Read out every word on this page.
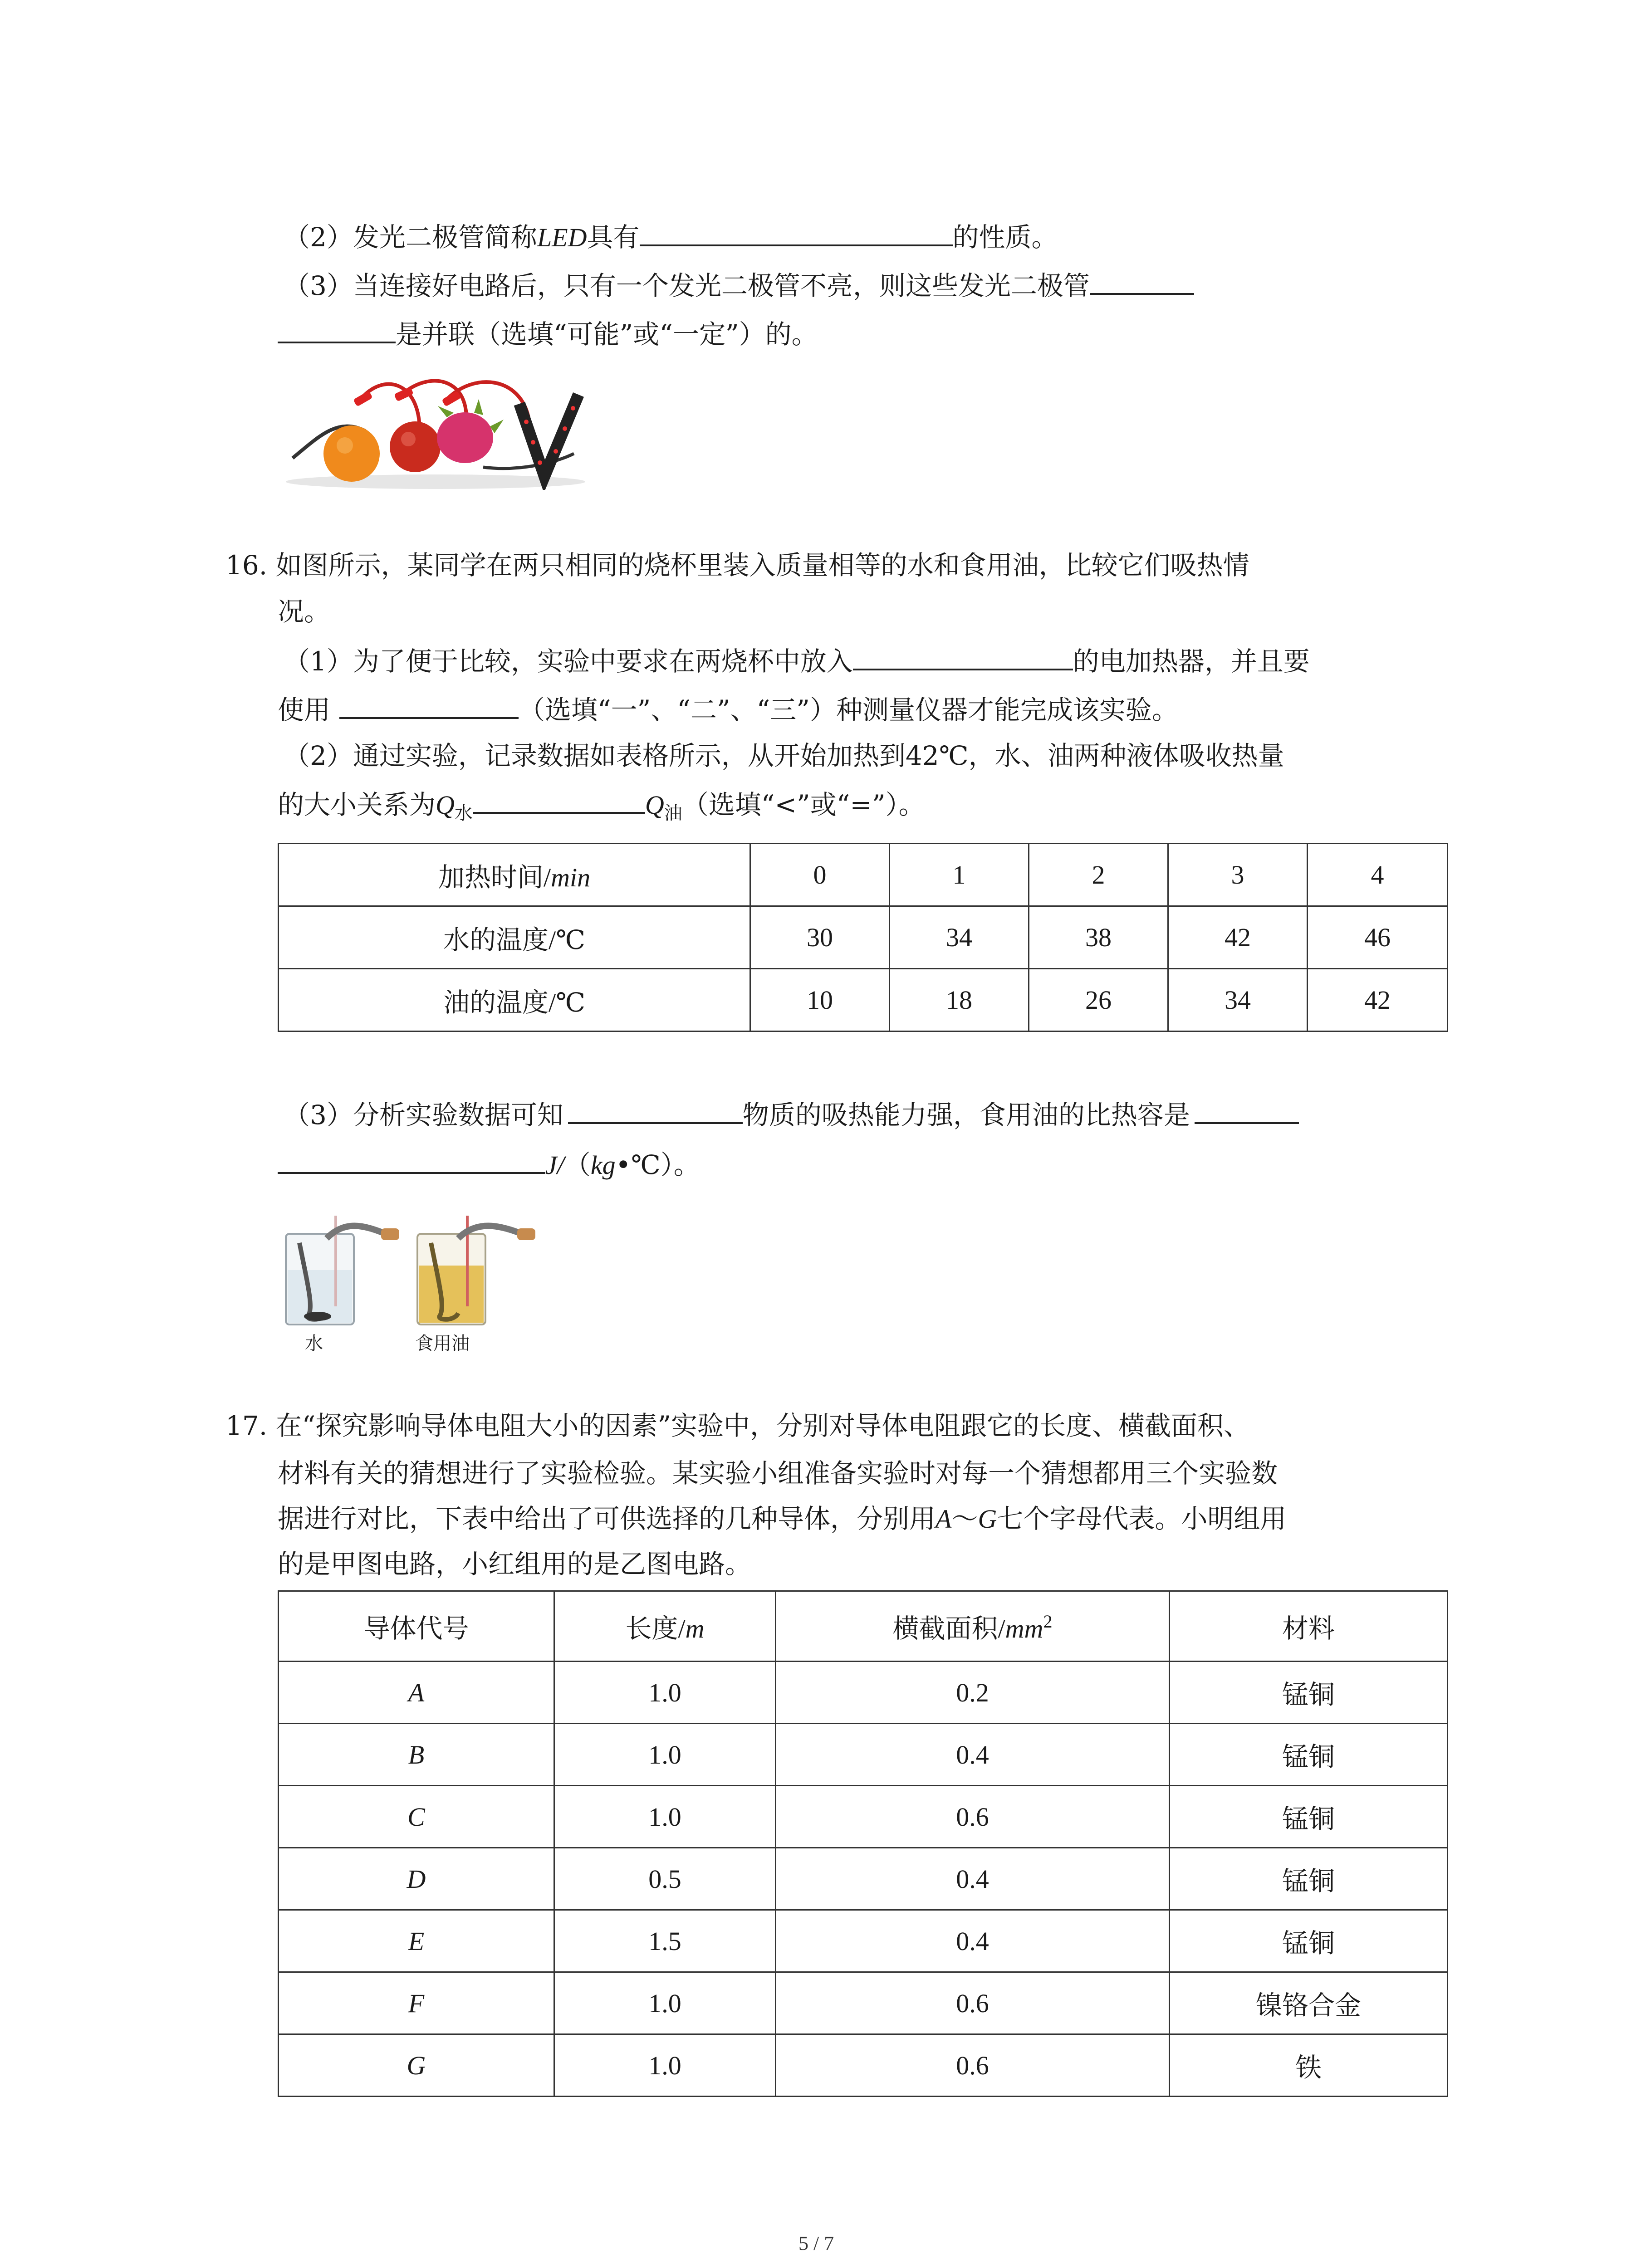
（2）发光二极管简称LED具有	的性质。
（3）当连接好电路后，只有一个发光二极管不亮，则这些发光二极管
是并联（选填“可能”或“一定”）的。
16. 如图所示，某同学在两只相同的烧杯里装入质量相等的水和食用油，比较它们吸热情
况。
（1）为了便于比较，实验中要求在两烧杯中放入	的电加热器，并且要
使用	（选填“一”、“二”、“三”）种测量仪器才能完成该实验。
（2）通过实验，记录数据如表格所示，从开始加热到42℃，水、油两种液体吸收热量
的大小关系为$Q_水$	$Q_油$（选填“<”或“=”）。
加热时间/min	0	1	2	3	4
水的温度/℃	30	34	38	42	46
油的温度/℃	10	18	26	34	42
（3）分析实验数据可知	物质的吸热能力强，食用油的比热容是
J/（kg•℃）。
水	食用油
17. 在“探究影响导体电阻大小的因素”实验中，分别对导体电阻跟它的长度、横截面积、
材料有关的猜想进行了实验检验。某实验小组准备实验时对每一个猜想都用三个实验数
据进行对比，下表中给出了可供选择的几种导体，分别用A～G七个字母代表。小明组用
的是甲图电路，小红组用的是乙图电路。
导体代号	长度/m	横截面积$/mm^2$	材料
A	1.0	0.2	锰铜
B	1.0	0.4	锰铜
C	1.0	0.6	锰铜
D	0.5	0.4	锰铜
E	1.5	0.4	锰铜
F	1.0	0.6	镍铬合金
G	1.0	0.6	铁
5 / 7
